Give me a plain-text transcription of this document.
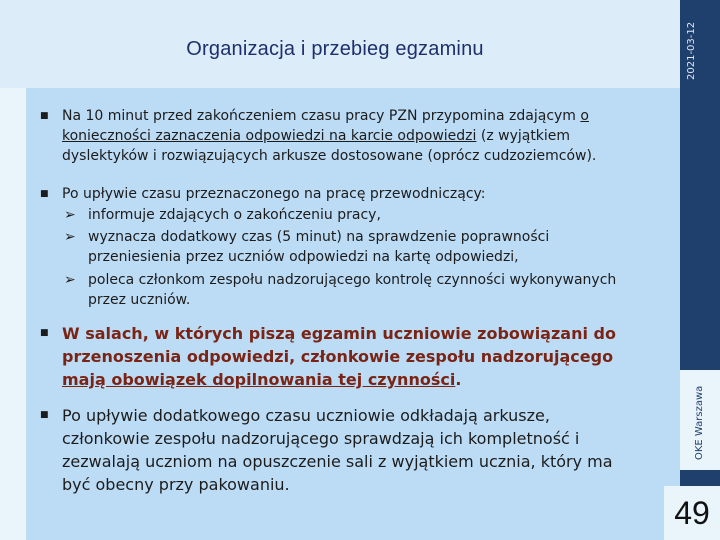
Organizacja i przebieg egzaminu	2021-03-12
OKE Warszawa
49
■ Na 10 minut przed zakończeniem czasu pracy PZN przypomina zdającym o konieczności zaznaczenia odpowiedzi na karcie odpowiedzi (z wyjątkiem dyslektyków i rozwiązujących arkusze dostosowane (oprócz cudzoziemców).
■ Po upływie czasu przeznaczonego na pracę przewodniczący:
➢ informuje zdających o zakończeniu pracy,
➢ wyznacza dodatkowy czas (5 minut) na sprawdzenie poprawności przeniesienia przez uczniów odpowiedzi na kartę odpowiedzi,
➢ poleca członkom zespołu nadzorującego kontrolę czynności wykonywanych przez uczniów.
■ W salach, w których piszą egzamin uczniowie zobowiązani do przenoszenia odpowiedzi, członkowie zespołu nadzorującego mają obowiązek dopilnowania tej czynności.
■ Po upływie dodatkowego czasu uczniowie odkładają arkusze, członkowie zespołu nadzorującego sprawdzają ich kompletność i zezwalają uczniom na opuszczenie sali z wyjątkiem ucznia, który ma być obecny przy pakowaniu.
